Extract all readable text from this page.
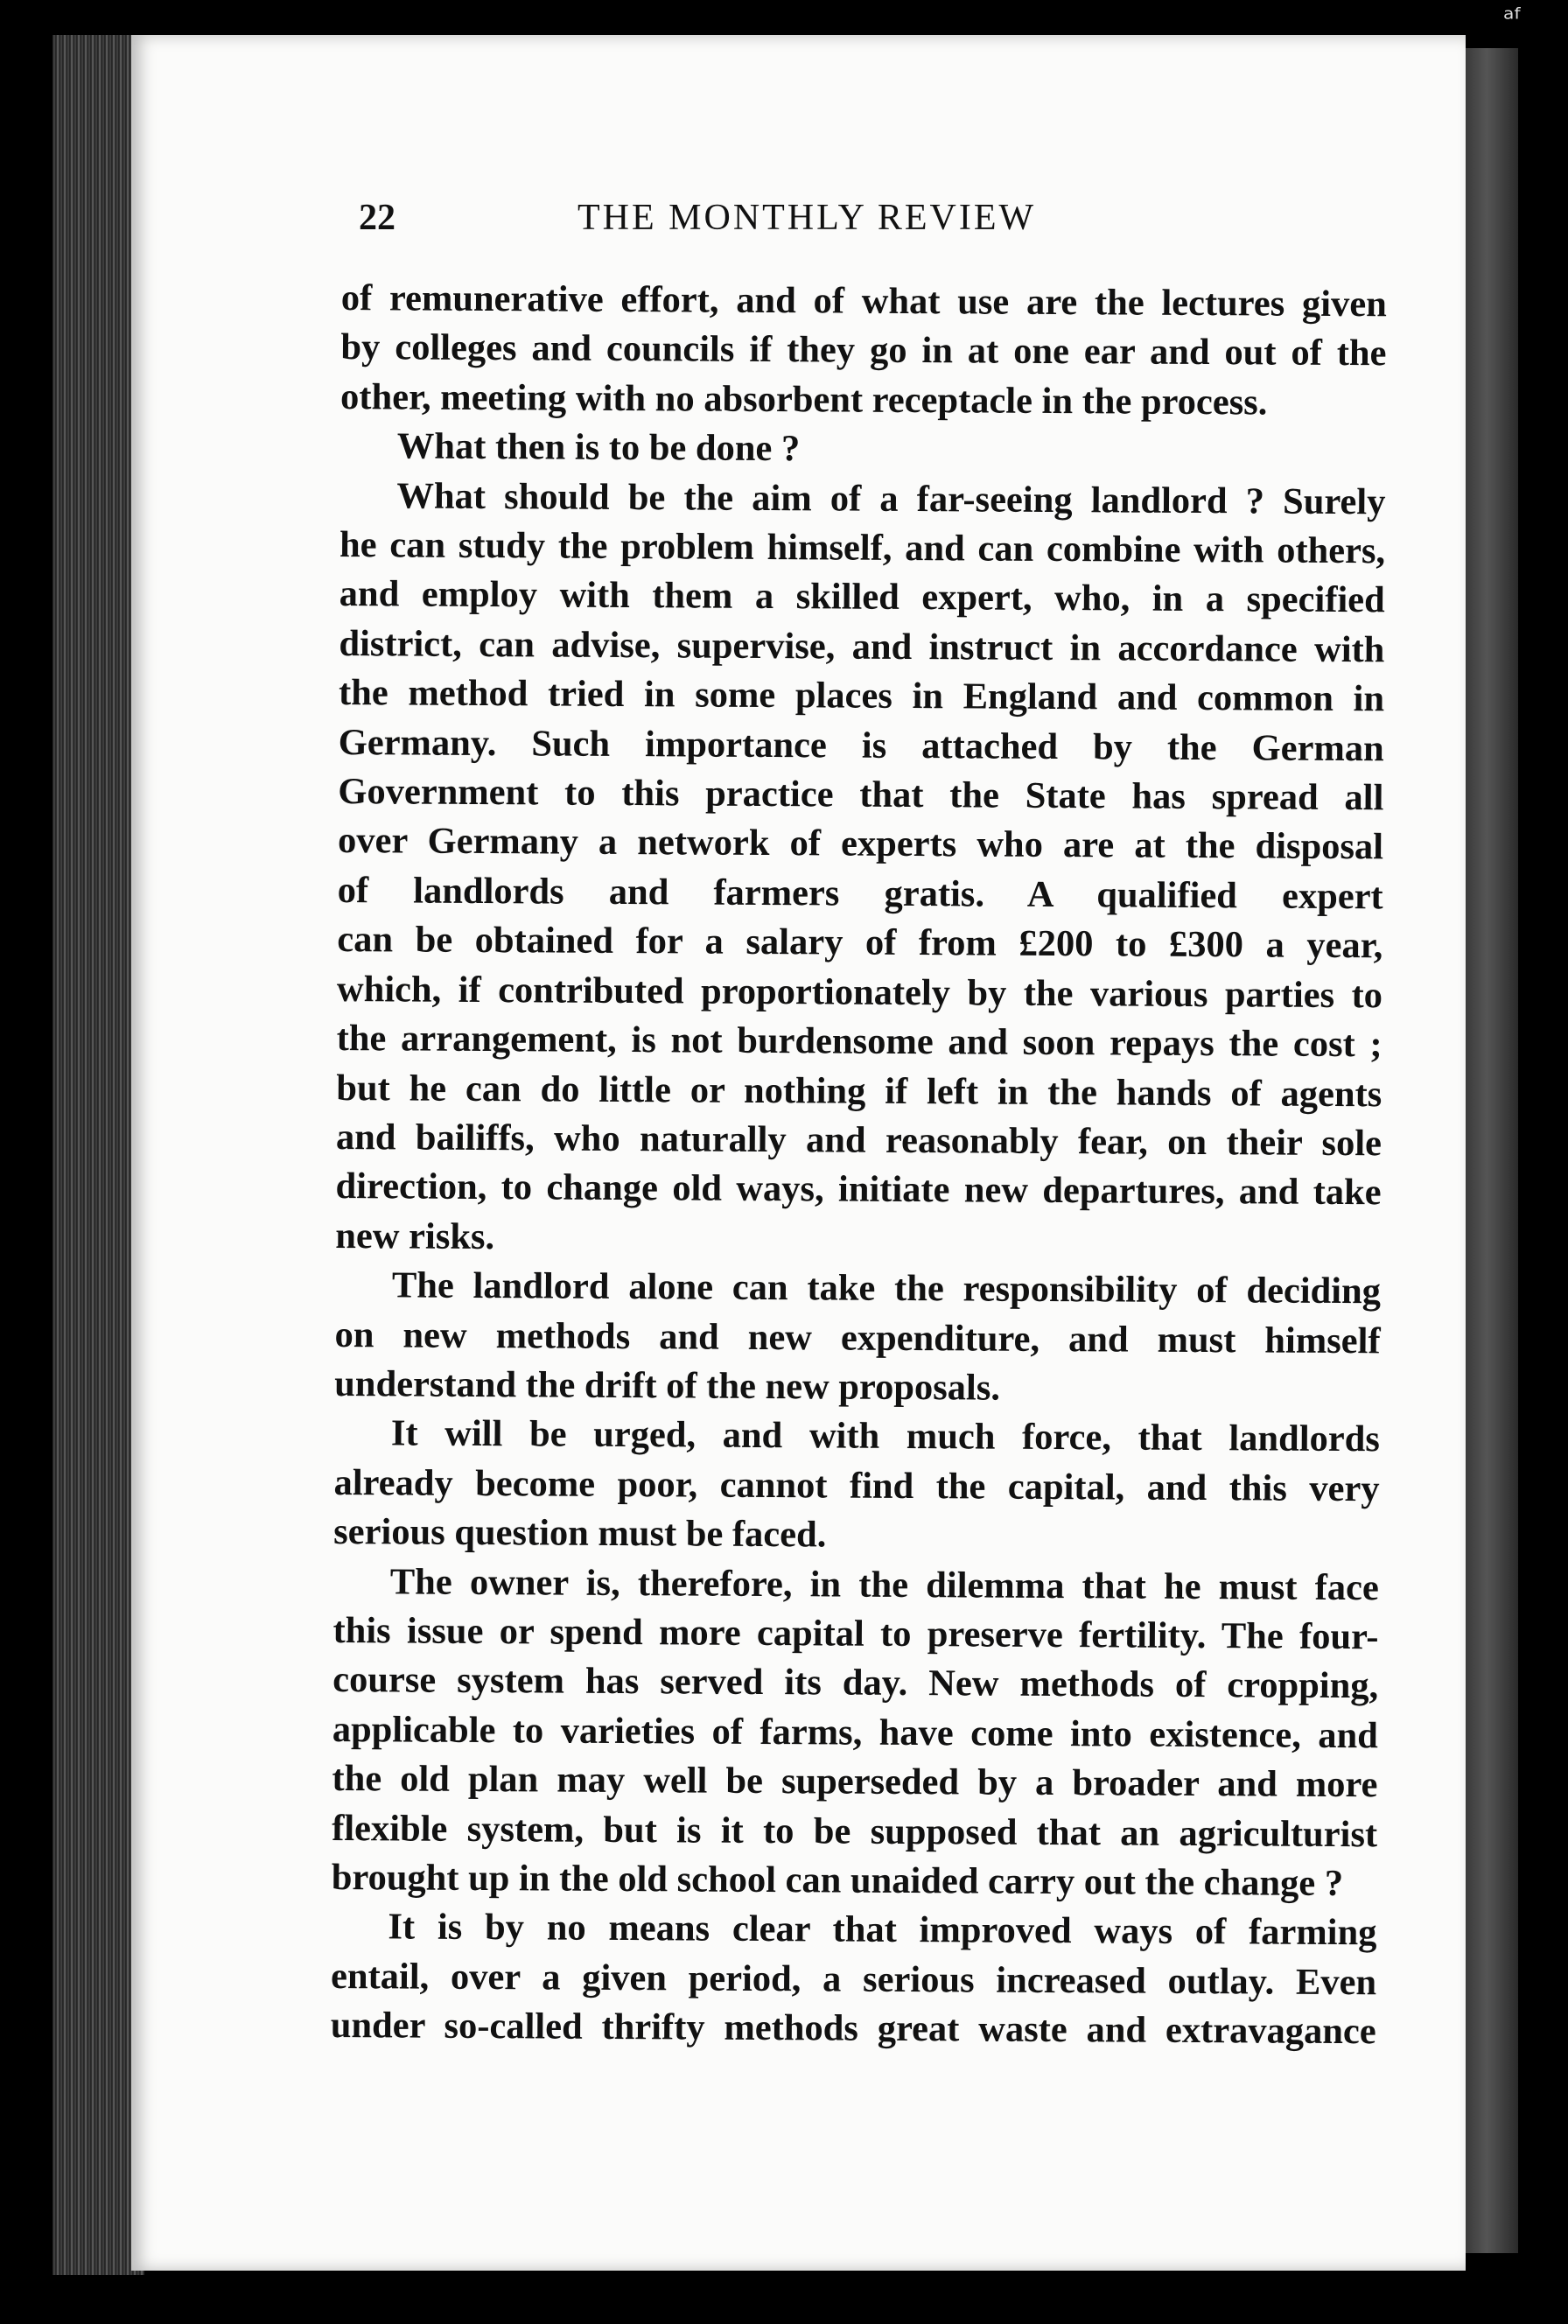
ᵃᶠ
22	THE MONTHLY REVIEW
of remunerative effort, and of what use are the lectures given
by colleges and councils if they go in at one ear and out of the
other, meeting with no absorbent receptacle in the process.
What then is to be done ?
What should be the aim of a far-seeing landlord ? Surely
he can study the problem himself, and can combine with others,
and employ with them a skilled expert, who, in a specified
district, can advise, supervise, and instruct in accordance with
the method tried in some places in England and common in
Germany. Such importance is attached by the German
Government to this practice that the State has spread all
over Germany a network of experts who are at the disposal
of landlords and farmers gratis. A qualified expert
can be obtained for a salary of from £200 to £300 a year,
which, if contributed proportionately by the various parties to
the arrangement, is not burdensome and soon repays the cost ;
but he can do little or nothing if left in the hands of agents
and bailiffs, who naturally and reasonably fear, on their sole
direction, to change old ways, initiate new departures, and take
new risks.
The landlord alone can take the responsibility of deciding
on new methods and new expenditure, and must himself
understand the drift of the new proposals.
It will be urged, and with much force, that landlords
already become poor, cannot find the capital, and this very
serious question must be faced.
The owner is, therefore, in the dilemma that he must face
this issue or spend more capital to preserve fertility. The four-
course system has served its day. New methods of cropping,
applicable to varieties of farms, have come into existence, and
the old plan may well be superseded by a broader and more
flexible system, but is it to be supposed that an agriculturist
brought up in the old school can unaided carry out the change ?
It is by no means clear that improved ways of farming
entail, over a given period, a serious increased outlay. Even
under so-called thrifty methods great waste and extravagance
